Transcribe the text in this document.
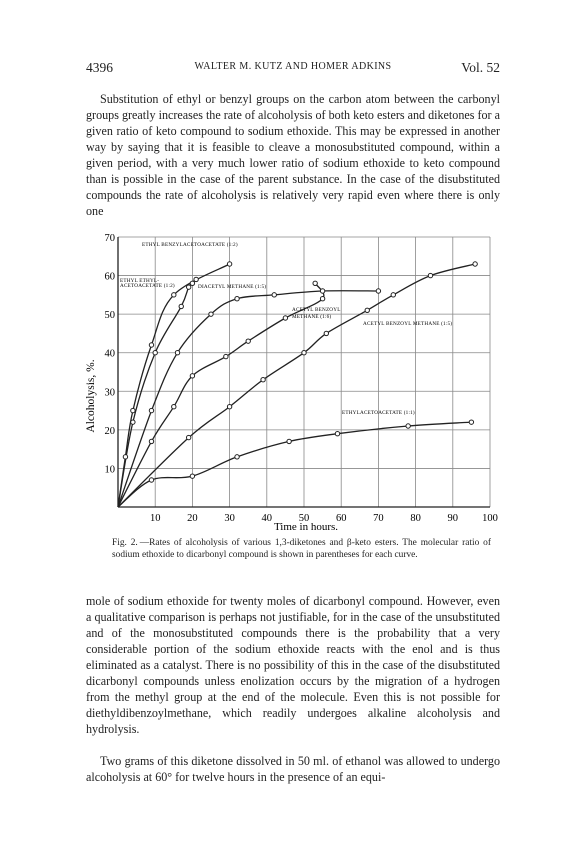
4396	WALTER M. KUTZ AND HOMER ADKINS	Vol. 52
Substitution of ethyl or benzyl groups on the carbon atom between the carbonyl groups greatly increases the rate of alcoholysis of both keto esters and diketones for a given ratio of keto compound to sodium ethoxide. This may be expressed in another way by saying that it is feasible to cleave a monosubstituted compound, within a given period, with a very much lower ratio of sodium ethoxide to keto compound than is possible in the case of the parent substance. In the case of the disubstituted compounds the rate of alcoholysis is relatively very rapid even where there is only one
10	20	30	40	50	60	70	80	90 100
10
20
30
40
50
60
70
ETHYL BENZYLACETOACETATE (1:2)
ETHYL ETHYL-
ACETOACETATE (1:2)	DIACETYL METHANE (1:5)
ACETYL BENZOYL
METHANE (1:6)
ACETYL BENZOYL METHANE (1:5)
ETHYLACETOACETATE (1:1)
Alcoholysis, %.
Time in hours.
Fig. 2. —Rates of alcoholysis of various 1,3-diketones and β-keto esters. The molecular ratio of sodium ethoxide to dicarbonyl compound is shown in parentheses for each curve.
mole of sodium ethoxide for twenty moles of dicarbonyl compound. However, even a qualitative comparison is perhaps not justifiable, for in the case of the unsubstituted and of the monosubstituted compounds there is the probability that a very considerable portion of the sodium ethoxide reacts with the enol and is thus eliminated as a catalyst. There is no possibility of this in the case of the disubstituted dicarbonyl compounds unless enolization occurs by the migration of a hydrogen from the methyl group at the end of the molecule. Even this is not possible for diethyldibenzoylmethane, which readily undergoes alkaline alcoholysis and hydrolysis.
Two grams of this diketone dissolved in 50 ml. of ethanol was allowed to undergo alcoholysis at 60° for twelve hours in the presence of an equi-
